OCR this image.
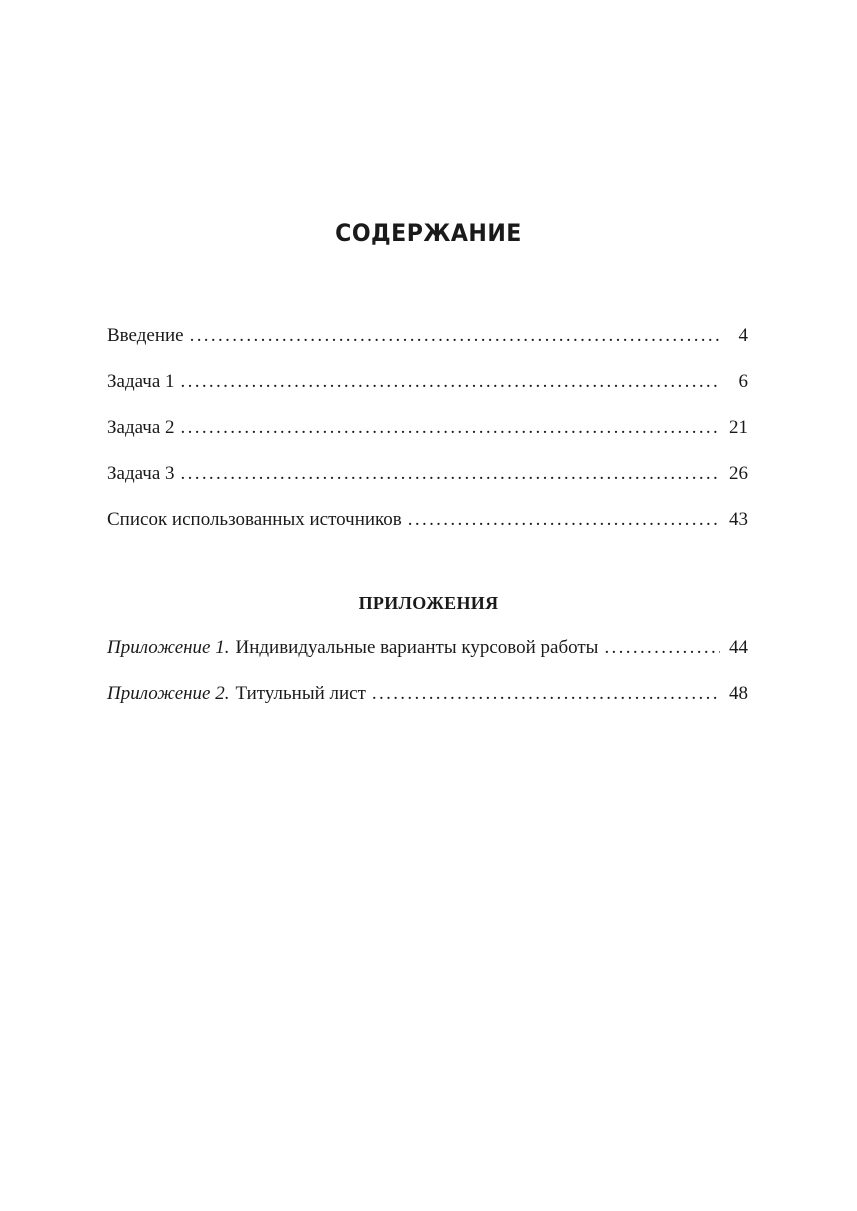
СОДЕРЖАНИЕ
Введение . . .	4
Задача 1 . . .	6
Задача 2 . . .	21
Задача 3 . . .	26
Список использованных источников . . .	43
ПРИЛОЖЕНИЯ
Приложение 1. Индивидуальные варианты курсовой работы . . .	44
Приложение 2. Титульный лист . . .	48
